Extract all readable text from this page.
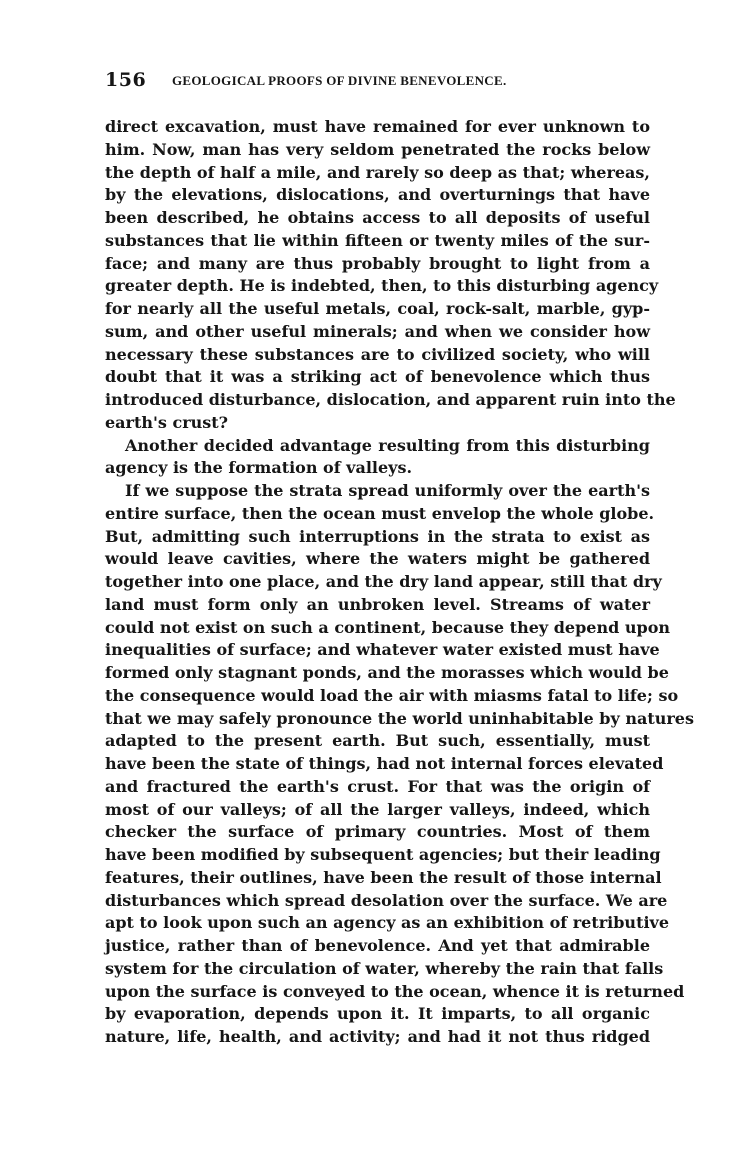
156 GEOLOGICAL PROOFS OF DIVINE BENEVOLENCE.
direct excavation, must have remained for ever unknown to
him. Now, man has very seldom penetrated the rocks below
the depth of half a mile, and rarely so deep as that; whereas,
by the elevations, dislocations, and overturnings that have
been described, he obtains access to all deposits of useful
substances that lie within fifteen or twenty miles of the sur-
face; and many are thus probably brought to light from a
greater depth. He is indebted, then, to this disturbing agency
for nearly all the useful metals, coal, rock-salt, marble, gyp-
sum, and other useful minerals; and when we consider how
necessary these substances are to civilized society, who will
doubt that it was a striking act of benevolence which thus
introduced disturbance, dislocation, and apparent ruin into the
earth's crust?
Another decided advantage resulting from this disturbing
agency is the formation of valleys.
If we suppose the strata spread uniformly over the earth's
entire surface, then the ocean must envelop the whole globe.
But, admitting such interruptions in the strata to exist as
would leave cavities, where the waters might be gathered
together into one place, and the dry land appear, still that dry
land must form only an unbroken level. Streams of water
could not exist on such a continent, because they depend upon
inequalities of surface; and whatever water existed must have
formed only stagnant ponds, and the morasses which would be
the consequence would load the air with miasms fatal to life; so
that we may safely pronounce the world uninhabitable by natures
adapted to the present earth. But such, essentially, must
have been the state of things, had not internal forces elevated
and fractured the earth's crust. For that was the origin of
most of our valleys; of all the larger valleys, indeed, which
checker the surface of primary countries. Most of them
have been modified by subsequent agencies; but their leading
features, their outlines, have been the result of those internal
disturbances which spread desolation over the surface. We are
apt to look upon such an agency as an exhibition of retributive
justice, rather than of benevolence. And yet that admirable
system for the circulation of water, whereby the rain that falls
upon the surface is conveyed to the ocean, whence it is returned
by evaporation, depends upon it. It imparts, to all organic
nature, life, health, and activity; and had it not thus ridged
